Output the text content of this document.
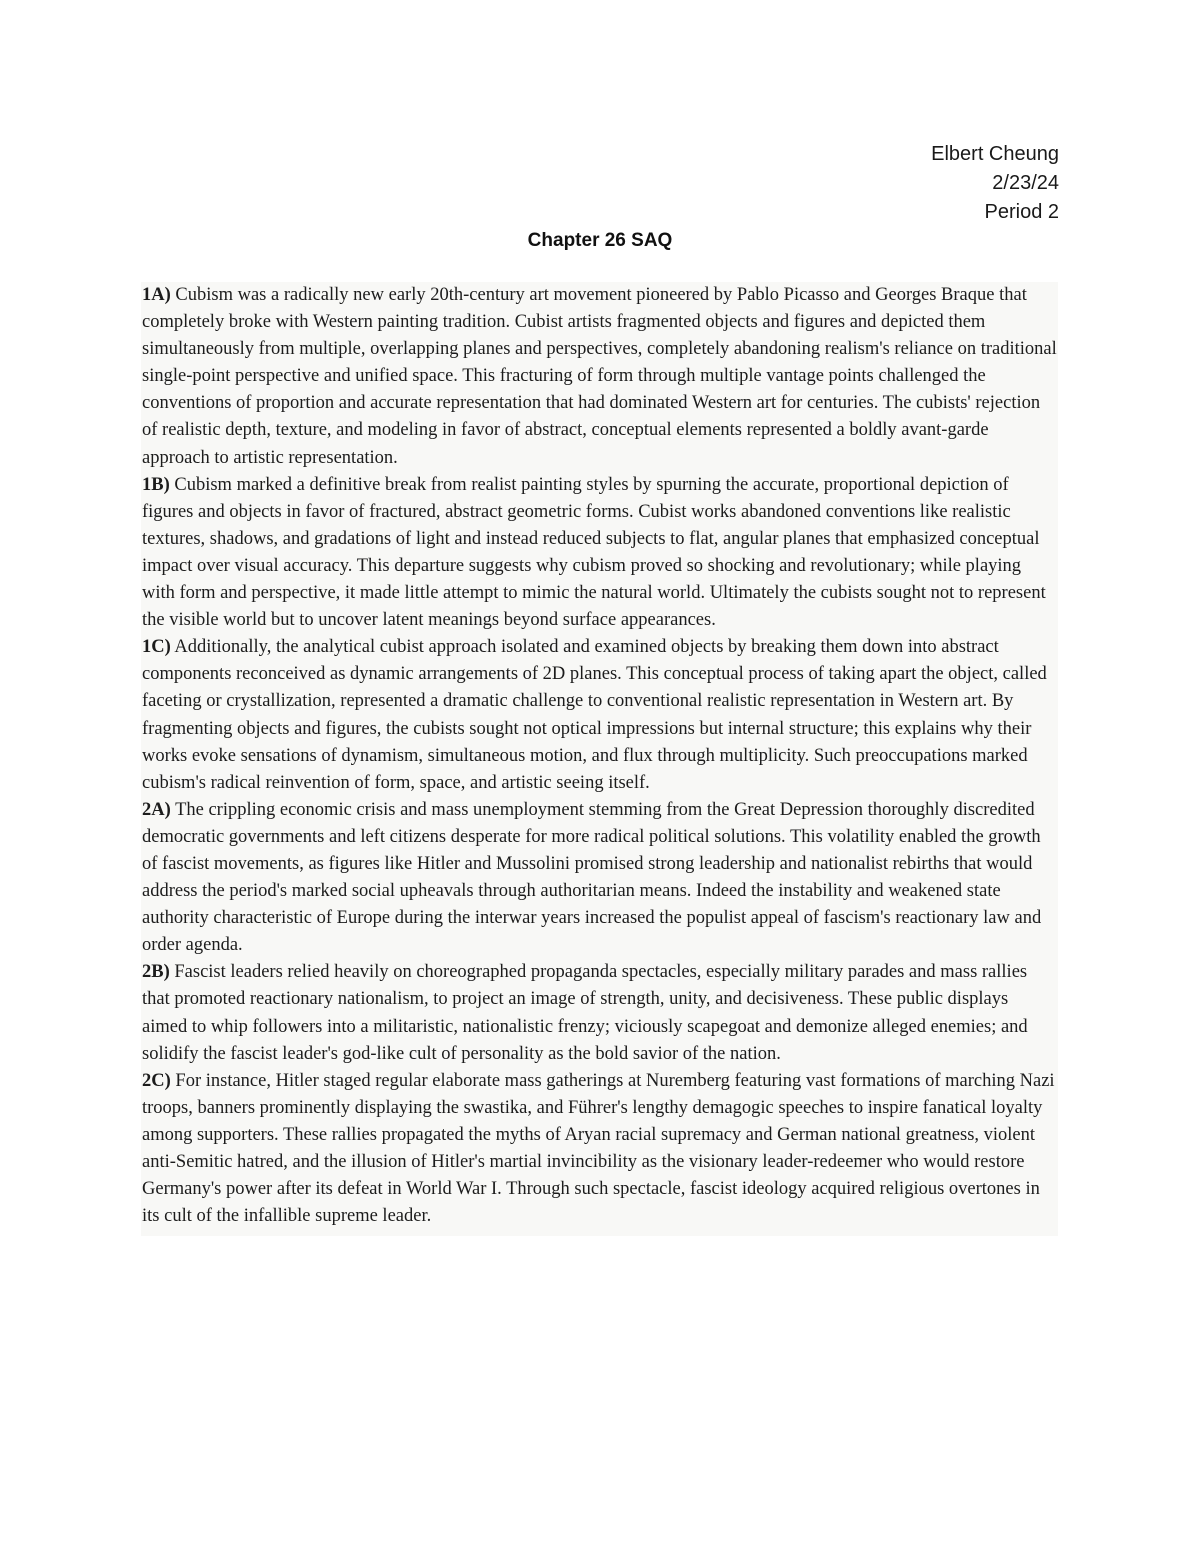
Elbert Cheung
2/23/24
Period 2
Chapter 26 SAQ

1A) Cubism was a radically new early 20th-century art movement pioneered by Pablo Picasso and Georges Braque that completely broke with Western painting tradition. Cubist artists fragmented objects and figures and depicted them simultaneously from multiple, overlapping planes and perspectives, completely abandoning realism's reliance on traditional single-point perspective and unified space. This fracturing of form through multiple vantage points challenged the conventions of proportion and accurate representation that had dominated Western art for centuries. The cubists' rejection of realistic depth, texture, and modeling in favor of abstract, conceptual elements represented a boldly avant-garde approach to artistic representation.

1B) Cubism marked a definitive break from realist painting styles by spurning the accurate, proportional depiction of figures and objects in favor of fractured, abstract geometric forms. Cubist works abandoned conventions like realistic textures, shadows, and gradations of light and instead reduced subjects to flat, angular planes that emphasized conceptual impact over visual accuracy. This departure suggests why cubism proved so shocking and revolutionary; while playing with form and perspective, it made little attempt to mimic the natural world. Ultimately the cubists sought not to represent the visible world but to uncover latent meanings beyond surface appearances.

1C) Additionally, the analytical cubist approach isolated and examined objects by breaking them down into abstract components reconceived as dynamic arrangements of 2D planes. This conceptual process of taking apart the object, called faceting or crystallization, represented a dramatic challenge to conventional realistic representation in Western art. By fragmenting objects and figures, the cubists sought not optical impressions but internal structure; this explains why their works evoke sensations of dynamism, simultaneous motion, and flux through multiplicity. Such preoccupations marked cubism's radical reinvention of form, space, and artistic seeing itself.

2A) The crippling economic crisis and mass unemployment stemming from the Great Depression thoroughly discredited democratic governments and left citizens desperate for more radical political solutions. This volatility enabled the growth of fascist movements, as figures like Hitler and Mussolini promised strong leadership and nationalist rebirths that would address the period's marked social upheavals through authoritarian means. Indeed the instability and weakened state authority characteristic of Europe during the interwar years increased the populist appeal of fascism's reactionary law and order agenda.

2B) Fascist leaders relied heavily on choreographed propaganda spectacles, especially military parades and mass rallies that promoted reactionary nationalism, to project an image of strength, unity, and decisiveness. These public displays aimed to whip followers into a militaristic, nationalistic frenzy; viciously scapegoat and demonize alleged enemies; and solidify the fascist leader's god-like cult of personality as the bold savior of the nation.

2C) For instance, Hitler staged regular elaborate mass gatherings at Nuremberg featuring vast formations of marching Nazi troops, banners prominently displaying the swastika, and Führer's lengthy demagogic speeches to inspire fanatical loyalty among supporters. These rallies propagated the myths of Aryan racial supremacy and German national greatness, violent anti-Semitic hatred, and the illusion of Hitler's martial invincibility as the visionary leader-redeemer who would restore Germany's power after its defeat in World War I. Through such spectacle, fascist ideology acquired religious overtones in its cult of the infallible supreme leader.
